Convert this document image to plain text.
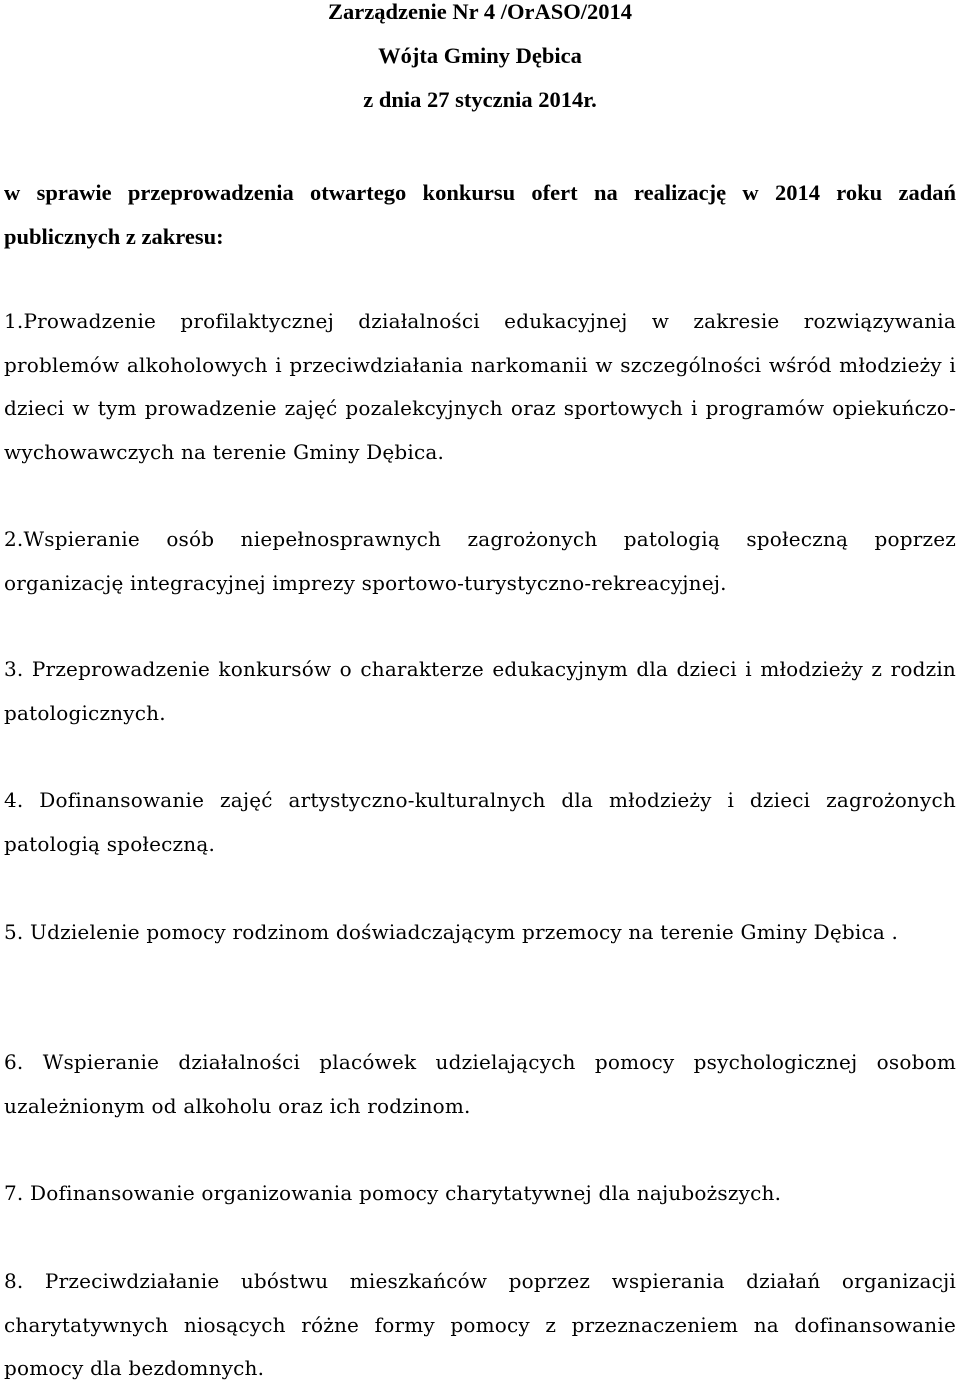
Zarządzenie Nr 4 /OrASO/2014

Wójta Gminy Dębica

z dnia 27 stycznia 2014r.

w sprawie przeprowadzenia otwartego konkursu ofert na realizację w 2014 roku zadań publicznych z zakresu:

1.Prowadzenie profilaktycznej działalności edukacyjnej w zakresie rozwiązywania problemów alkoholowych i przeciwdziałania narkomanii w szczególności wśród młodzieży i dzieci w tym prowadzenie zajęć pozalekcyjnych oraz sportowych i programów opiekuńczo-wychowawczych na terenie Gminy Dębica.

2.Wspieranie osób niepełnosprawnych zagrożonych patologią społeczną poprzez organizację integracyjnej imprezy sportowo-turystyczno-rekreacyjnej.

3. Przeprowadzenie konkursów o charakterze edukacyjnym dla dzieci i młodzieży z rodzin patologicznych.

4. Dofinansowanie zajęć artystyczno-kulturalnych dla młodzieży i dzieci zagrożonych patologią społeczną.

5. Udzielenie pomocy rodzinom doświadczającym przemocy na terenie Gminy Dębica .

6. Wspieranie działalności placówek udzielających pomocy psychologicznej osobom uzależnionym od alkoholu oraz ich rodzinom.

7. Dofinansowanie organizowania pomocy charytatywnej dla najuboższych.

8. Przeciwdziałanie ubóstwu mieszkańców poprzez wspierania działań organizacji charytatywnych niosących różne formy pomocy z przeznaczeniem na dofinansowanie pomocy dla bezdomnych.
